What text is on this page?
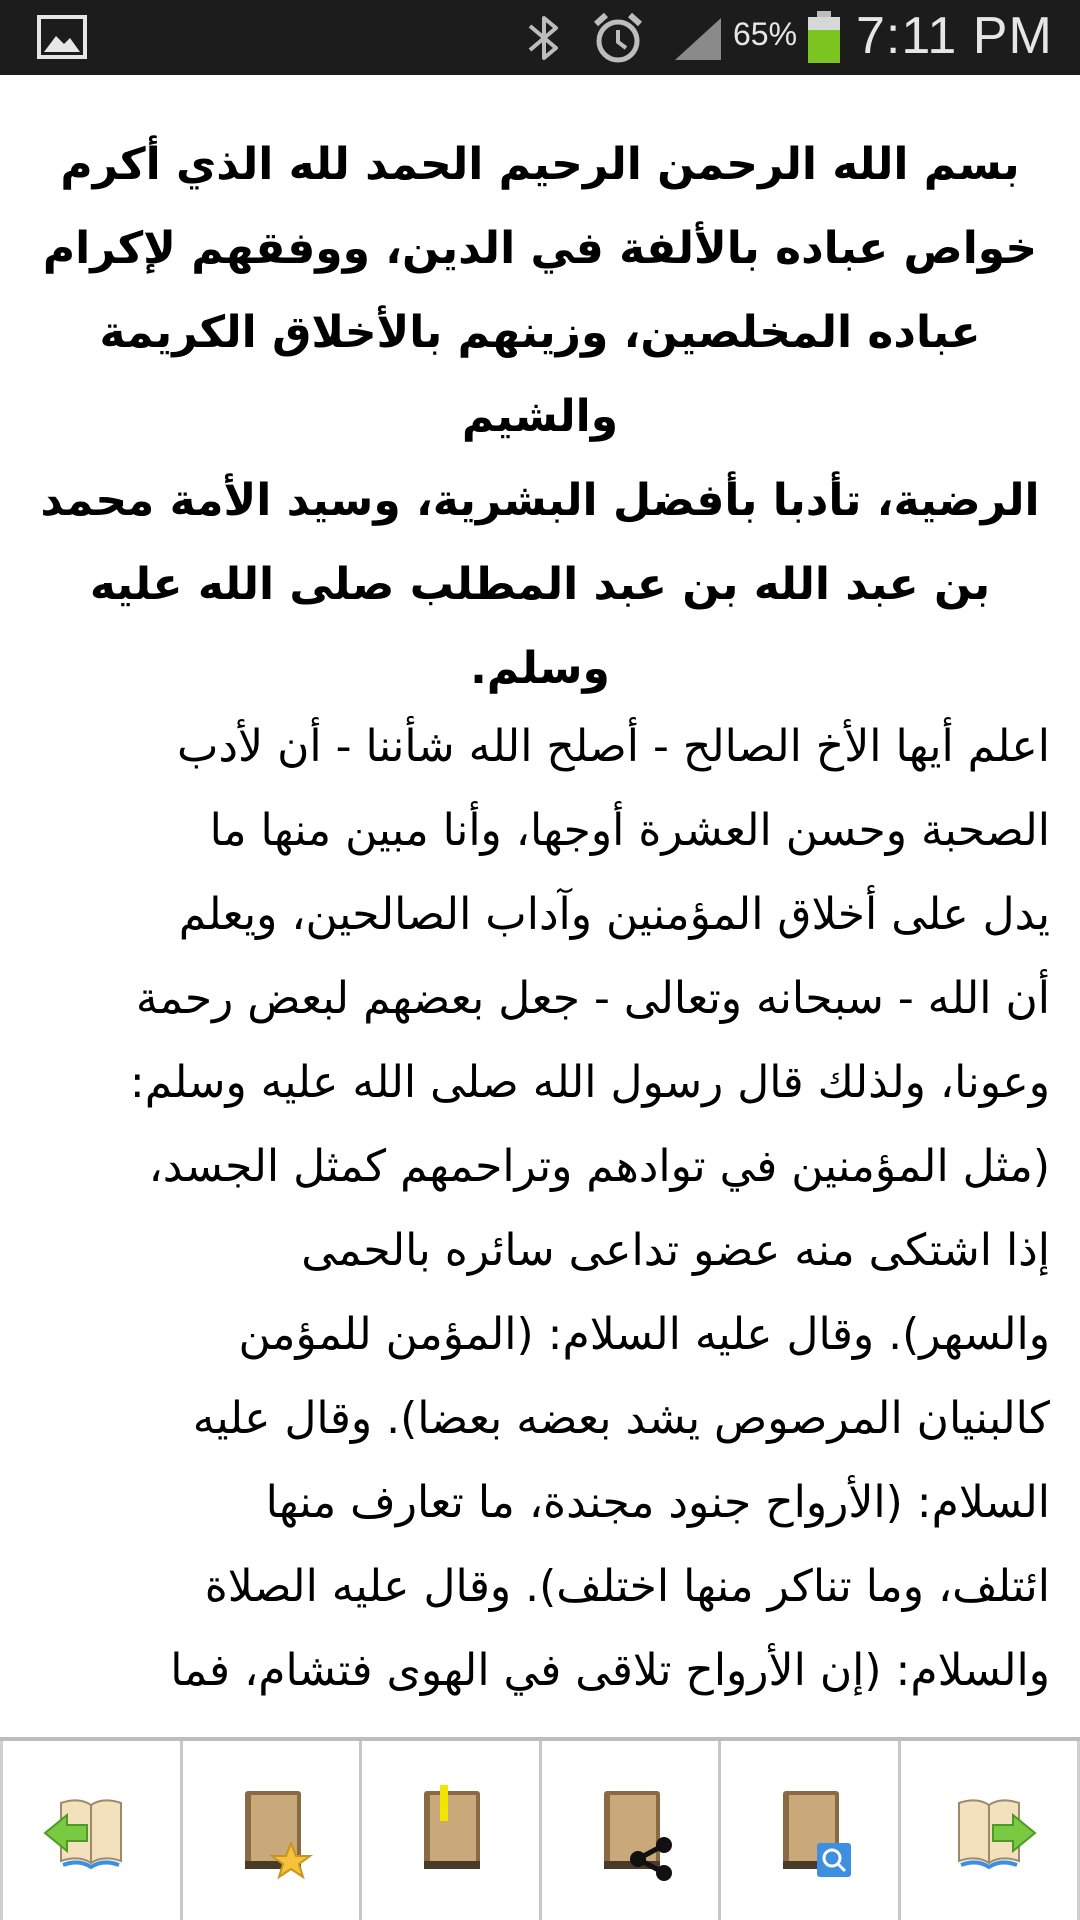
65% 7:11 PM
بسم الله الرحمن الرحيم الحمد لله الذي أكرم
خواص عباده بالألفة في الدين، ووفقهم لإكرام
عباده المخلصين، وزينهم بالأخلاق الكريمة والشيم
الرضية، تأدبا بأفضل البشرية، وسيد الأمة محمد
بن عبد الله بن عبد المطلب صلى الله عليه وسلم.
اعلم أيها الأخ الصالح - أصلح الله شأننا - أن لأدب
الصحبة وحسن العشرة أوجها، وأنا مبين منها ما
يدل على أخلاق المؤمنين وآداب الصالحين، ويعلم
أن الله - سبحانه وتعالى - جعل بعضهم لبعض رحمة
وعونا، ولذلك قال رسول الله صلى الله عليه وسلم:
(مثل المؤمنين في توادهم وتراحمهم كمثل الجسد،
إذا اشتكى منه عضو تداعى سائره بالحمى
والسهر). وقال عليه السلام: (المؤمن للمؤمن
كالبنيان المرصوص يشد بعضه بعضا). وقال عليه
السلام: (الأرواح جنود مجندة، ما تعارف منها
ائتلف، وما تناكر منها اختلف). وقال عليه الصلاة
والسلام: (إن الأرواح تلاقى في الهوى فتشام، فما
